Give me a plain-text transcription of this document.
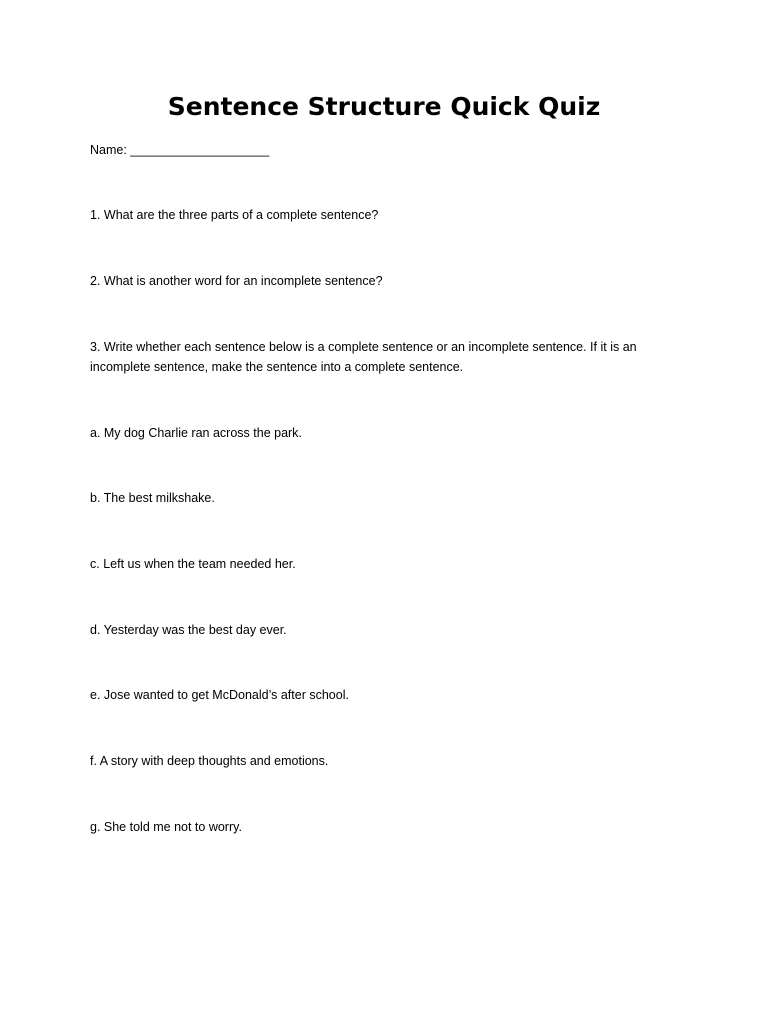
Sentence Structure Quick Quiz

Name: ____________________

1. What are the three parts of a complete sentence?

2. What is another word for an incomplete sentence?

3. Write whether each sentence below is a complete sentence or an incomplete sentence. If it is an incomplete sentence, make the sentence into a complete sentence.

a. My dog Charlie ran across the park.

b. The best milkshake.

c. Left us when the team needed her.

d. Yesterday was the best day ever.

e. Jose wanted to get McDonald’s after school.

f. A story with deep thoughts and emotions.

g. She told me not to worry.
